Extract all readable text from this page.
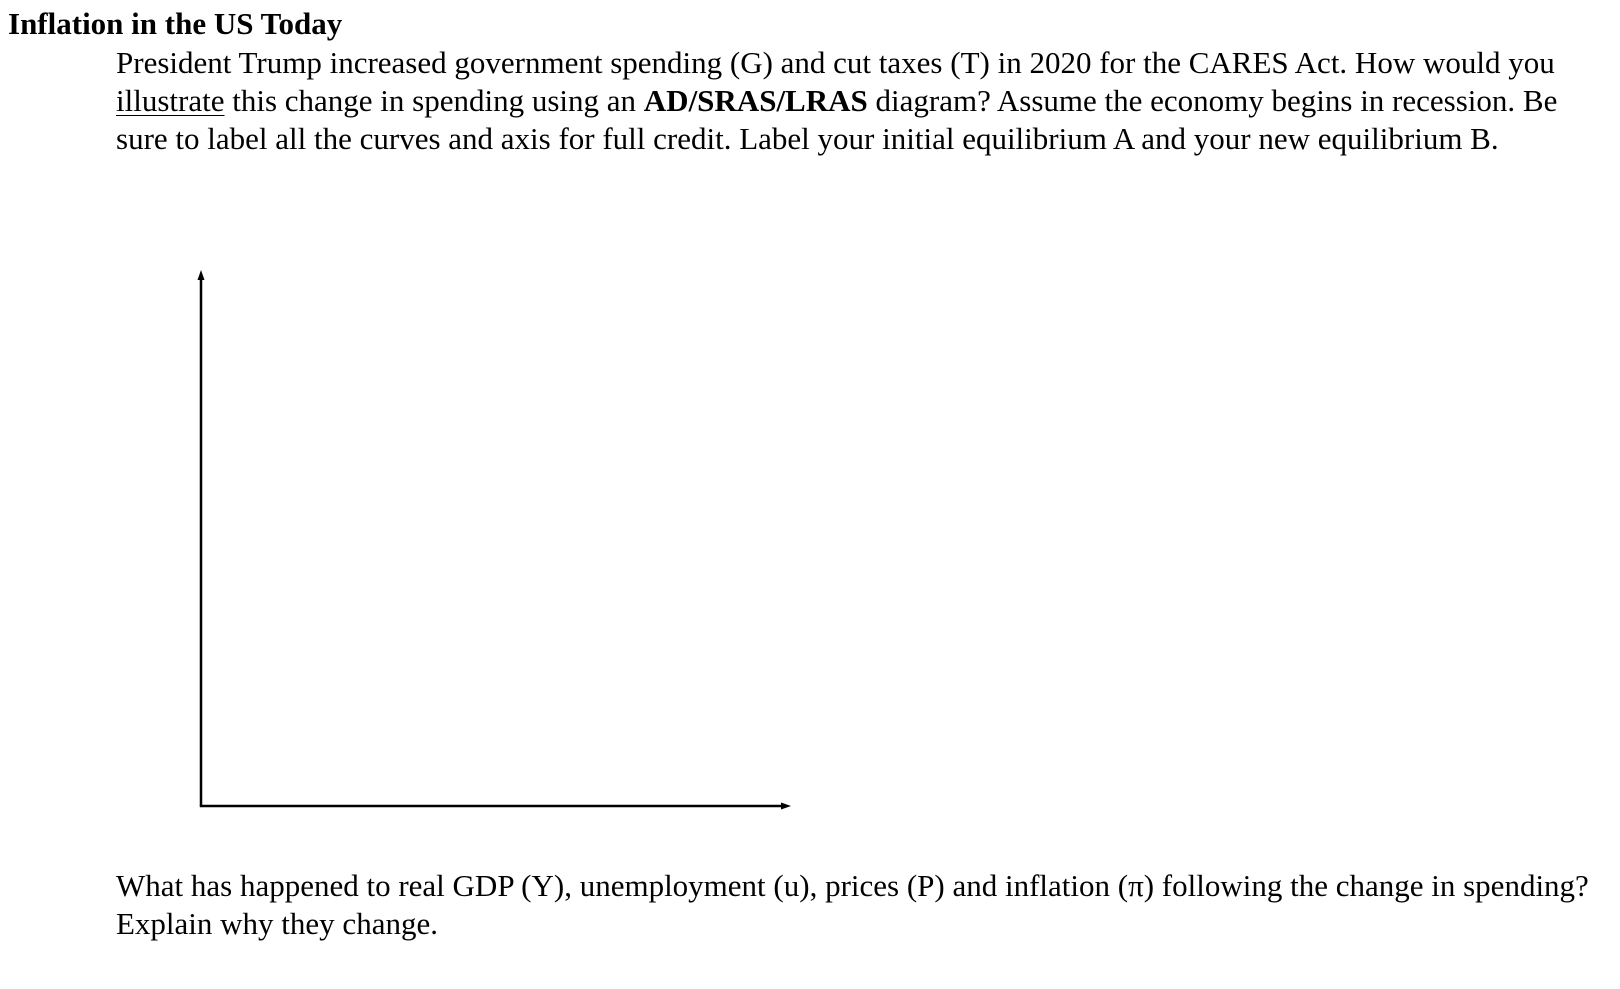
Inflation in the US Today

President Trump increased government spending (G) and cut taxes (T) in 2020 for the CARES Act. How would you illustrate this change in spending using an AD/SRAS/LRAS diagram? Assume the economy begins in recession. Be sure to label all the curves and axis for full credit. Label your initial equilibrium A and your new equilibrium B.

What has happened to real GDP (Y), unemployment (u), prices (P) and inflation (π) following the change in spending? Explain why they change.
